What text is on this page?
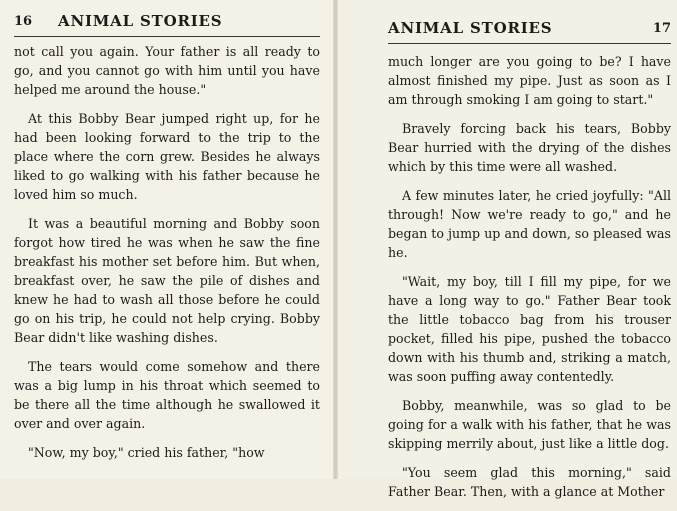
16 ANIMAL STORIES

not call you again. Your father is all ready to go, and you cannot go with him until you have helped me around the house."

At this Bobby Bear jumped right up, for he had been looking forward to the trip to the place where the corn grew. Besides he always liked to go walking with his father because he loved him so much.

It was a beautiful morning and Bobby soon forgot how tired he was when he saw the fine breakfast his mother set before him. But when, breakfast over, he saw the pile of dishes and knew he had to wash all those before he could go on his trip, he could not help crying. Bobby Bear didn't like washing dishes.

The tears would come somehow and there was a big lump in his throat which seemed to be there all the time although he swallowed it over and over again.

"Now, my boy," cried his father, "how

ANIMAL STORIES	17

much longer are you going to be? I have almost finished my pipe. Just as soon as I am through smoking I am going to start."

Bravely forcing back his tears, Bobby Bear hurried with the drying of the dishes which by this time were all washed.

A few minutes later, he cried joyfully: "All through! Now we're ready to go," and he began to jump up and down, so pleased was he.

"Wait, my boy, till I fill my pipe, for we have a long way to go." Father Bear took the little tobacco bag from his trouser pocket, filled his pipe, pushed the tobacco down with his thumb and, striking a match, was soon puffing away contentedly.

Bobby, meanwhile, was so glad to be going for a walk with his father, that he was skipping merrily about, just like a little dog.

"You seem glad this morning," said Father Bear. Then, with a glance at Mother
